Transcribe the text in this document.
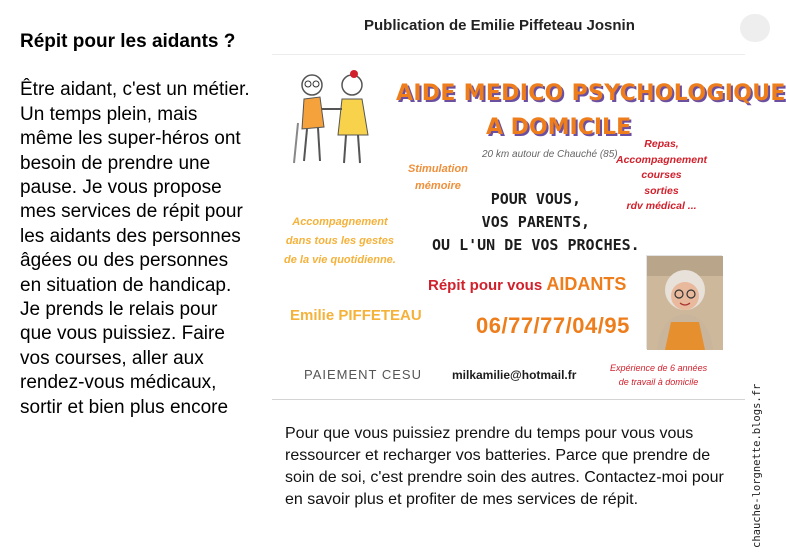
Répit pour les aidants ?

Être aidant, c'est un métier. Un temps plein, mais même les super-héros ont besoin de prendre une pause. Je vous propose mes services de répit pour les aidants des personnes âgées ou des personnes en situation de handicap. Je prends le relais pour que vous puissiez. Faire vos courses, aller aux rendez-vous médicaux, sortir et bien plus encore

Publication de Emilie Piffeteau Josnin
AIDE MEDICO PSYCHOLOGIQUE
A DOMICILE
20 km autour de Chauché (85)
Stimulation
mémoire
Repas,
Accompagnement
courses
sorties
rdv médical ...
POUR VOUS,
VOS PARENTS,
OU L'UN DE VOS PROCHES.
Accompagnement
dans tous les gestes
de la vie quotidienne.
Répit pour vous AIDANTS
Emilie PIFFETEAU 06/77/77/04/95
PAIEMENT CESU	milkamilie@hotmail.fr	Expérience de 6 années
de travail à domicile
Pour que vous puissiez prendre du temps pour vous vous ressourcer et recharger vos batteries. Parce que prendre de soin de soi, c'est prendre soin des autres. Contactez-moi pour en savoir plus et profiter de mes services de répit.	chauche-lorgnette.blogs.fr
